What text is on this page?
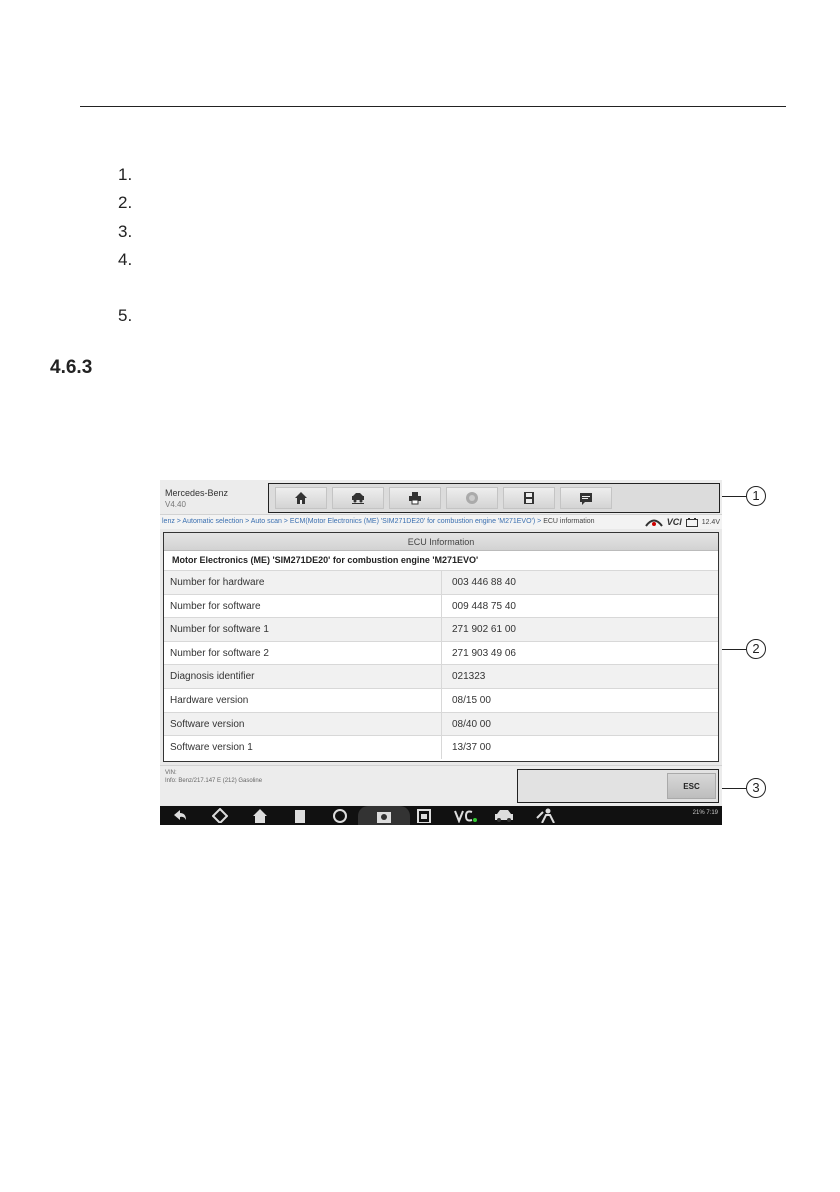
1.
2.
3.
4.
5.
4.6.3
Mercedes-Benz
V4.40
lenz > Automatic selection > Auto scan > ECM(Motor Electronics (ME) 'SIM271DE20' for combustion engine 'M271EVO') > ECU information	VCI	12.4V
ECU Information
Motor Electronics (ME) 'SIM271DE20' for combustion engine 'M271EVO'
Number for hardware	003 446 88 40
Number for software	009 448 75 40
Number for software 1	271 902 61 00
Number for software 2	271 903 49 06
Diagnosis identifier	021323
Hardware version	08/15 00
Software version	08/40 00
Software version 1	13/37 00
VIN:
Info: Benz/217.147 E (212) Gasoline
ESC
21% 7:19
1
2
3
